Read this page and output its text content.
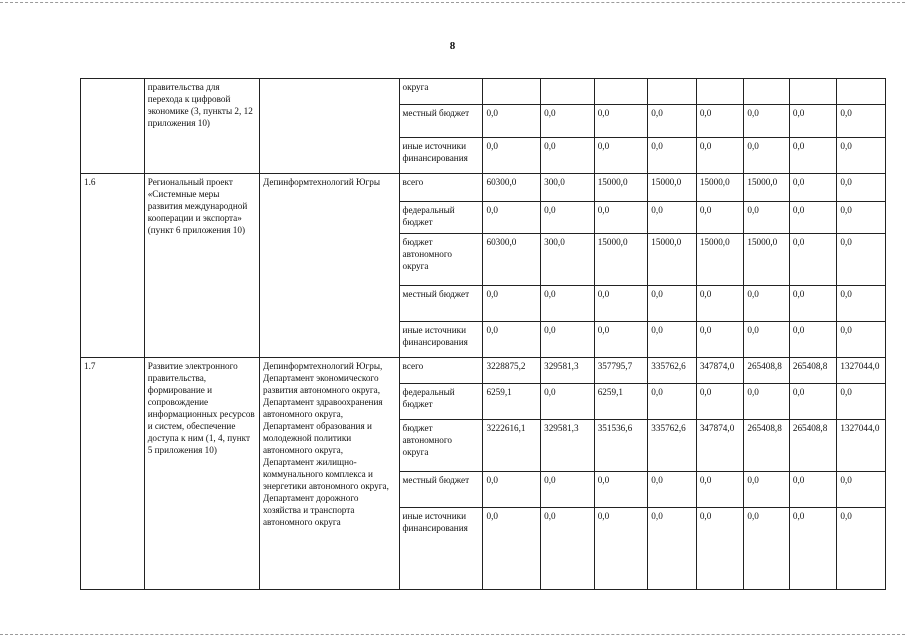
8
	правительства для перехода к цифровой экономике (3, пункты 2, 12 приложения 10)		округа								
			местный бюджет	0,0	0,0	0,0	0,0	0,0	0,0	0,0	0,0
			иные источники финансирования	0,0	0,0	0,0	0,0	0,0	0,0	0,0	0,0
1.6	Региональный проект «Системные меры развития международной кооперации и экспорта» (пункт 6 приложения 10)	Депинформтехнологий Югры	всего	60300,0	300,0	15000,0	15000,0	15000,0	15000,0	0,0	0,0
			федеральный бюджет	0,0	0,0	0,0	0,0	0,0	0,0	0,0	0,0
			бюджет автономного округа	60300,0	300,0	15000,0	15000,0	15000,0	15000,0	0,0	0,0
			местный бюджет	0,0	0,0	0,0	0,0	0,0	0,0	0,0	0,0
			иные источники финансирования	0,0	0,0	0,0	0,0	0,0	0,0	0,0	0,0
1.7	Развитие электронного правительства, формирование и сопровождение информационных ресурсов и систем, обеспечение доступа к ним (1, 4, пункт 5 приложения 10)	Депинформтехнологий Югры, Департамент экономического развития автономного округа, Департамент здравоохранения автономного округа, Департамент образования и молодежной политики автономного округа, Департамент жилищно-коммунального комплекса и энергетики автономного округа, Департамент дорожного хозяйства и транспорта автономного округа	всего	3228875,2	329581,3	357795,7	335762,6	347874,0	265408,8	265408,8	1327044,0
			федеральный бюджет	6259,1	0,0	6259,1	0,0	0,0	0,0	0,0	0,0
			бюджет автономного округа	3222616,1	329581,3	351536,6	335762,6	347874,0	265408,8	265408,8	1327044,0
			местный бюджет	0,0	0,0	0,0	0,0	0,0	0,0	0,0	0,0
			иные источники финансирования	0,0	0,0	0,0	0,0	0,0	0,0	0,0	0,0
